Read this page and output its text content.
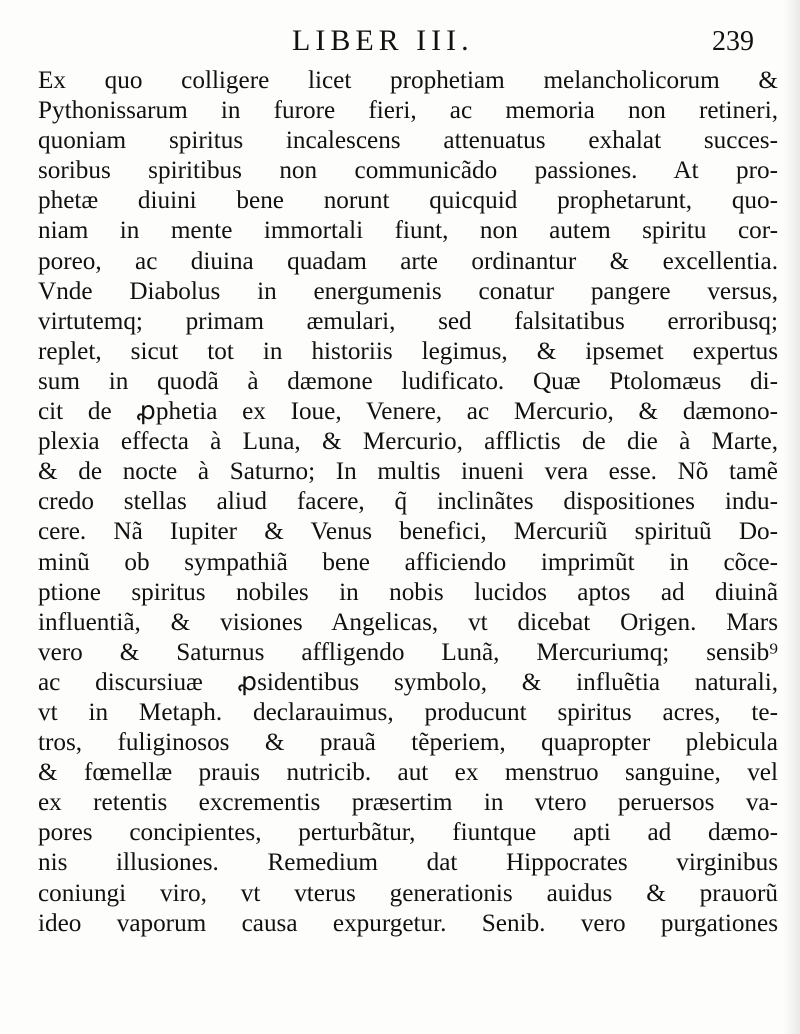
LIBER III.	239
Ex quo colligere licet prophetiam melancholicorum &
Pythonissarum in furore fieri, ac memoria non retineri,
quoniam spiritus incalescens attenuatus exhalat succes-
soribus spiritibus non communicãdo passiones. At pro-
phetæ diuini bene norunt quicquid prophetarunt, quo-
niam in mente immortali fiunt, non autem spiritu cor-
poreo, ac diuina quadam arte ordinantur & excellentia.
Vnde Diabolus in energumenis conatur pangere versus,
virtutemq; primam æmulari, sed falsitatibus erroribusq;
replet, sicut tot in historiis legimus, & ipsemet expertus
sum in quodã à dæmone ludificato. Quæ Ptolomæus di-
cit de ꝓphetia ex Ioue, Venere, ac Mercurio, & dæmono-
plexia effecta à Luna, & Mercurio, afflictis de die à Marte,
& de nocte à Saturno; In multis inueni vera esse. Nõ tamẽ
credo stellas aliud facere, q̃ inclinãtes dispositiones indu-
cere. Nã Iupiter & Venus benefici, Mercuriũ spirituũ Do-
minũ ob sympathiã bene afficiendo imprimũt in cõce-
ptione spiritus nobiles in nobis lucidos aptos ad diuinã
influentiã, & visiones Angelicas, vt dicebat Origen. Mars
vero & Saturnus affligendo Lunã, Mercuriumq; sensib⁹
ac discursiuæ ꝓsidentibus symbolo, & influẽtia naturali,
vt in Metaph. declarauimus, producunt spiritus acres, te-
tros, fuliginosos & prauã tẽperiem, quapropter plebicula
& fœmellæ prauis nutricib. aut ex menstruo sanguine, vel
ex retentis excrementis præsertim in vtero peruersos va-
pores concipientes, perturbãtur, fiuntque apti ad dæmo-
nis illusiones. Remedium dat Hippocrates virginibus
coniungi viro, vt vterus generationis auidus & prauorũ
ideo vaporum causa expurgetur. Senib. vero purgationes
